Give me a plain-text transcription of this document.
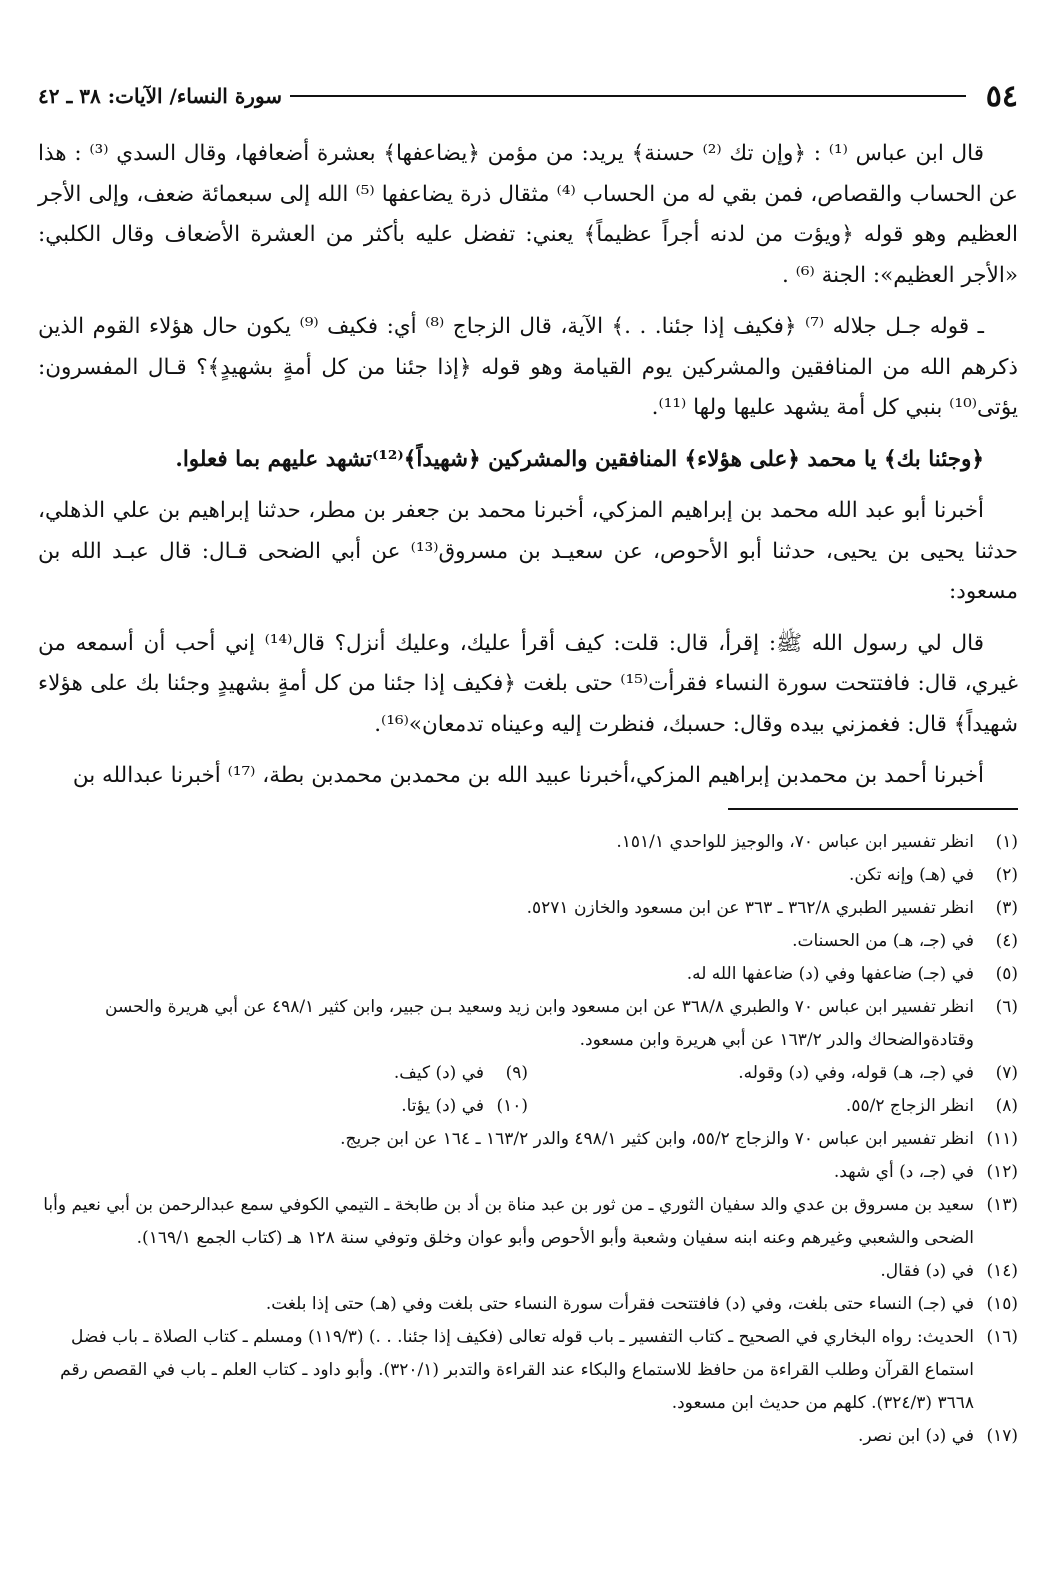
٥٤
سورة النساء/ الآيات: ٣٨ ـ ٤٢

قال ابن عباس ⁽¹⁾ : ﴿وإن تك ⁽²⁾ حسنة﴾ يريد: من مؤمن ﴿يضاعفها﴾ بعشرة أضعافها، وقال السدي ⁽³⁾ : هذا عن الحساب والقصاص، فمن بقي له من الحساب ⁽⁴⁾ مثقال ذرة يضاعفها ⁽⁵⁾ الله إلى سبعمائة ضعف، وإلى الأجر العظيم وهو قوله ﴿ويؤت من لدنه أجراً عظيماً﴾ يعني: تفضل عليه بأكثر من العشرة الأضعاف وقال الكلبي: «الأجر العظيم»: الجنة ⁽⁶⁾ .

ـ قوله جـل جلاله ⁽⁷⁾ ﴿فكيف إذا جئنا. . .﴾ الآية، قال الزجاج ⁽⁸⁾ أي: فكيف ⁽⁹⁾ يكون حال هؤلاء القوم الذين ذكرهم الله من المنافقين والمشركين يوم القيامة وهو قوله ﴿إذا جئنا من كل أمةٍ بشهيدٍ﴾؟ قـال المفسرون: يؤتى⁽¹⁰⁾ بنبي كل أمة يشهد عليها ولها ⁽¹¹⁾.

﴿وجئنا بك﴾ يا محمد ﴿على هؤلاء﴾ المنافقين والمشركين ﴿شهيداً﴾⁽¹²⁾تشهد عليهم بما فعلوا.

أخبرنا أبو عبد الله محمد بن إبراهيم المزكي، أخبرنا محمد بن جعفر بن مطر، حدثنا إبراهيم بن علي الذهلي، حدثنا يحيى بن يحيى، حدثنا أبو الأحوص، عن سعيـد بن مسروق⁽¹³⁾ عن أبي الضحى قـال: قال عبـد الله بن مسعود:

قال لي رسول الله ﷺ: إقرأ، قال: قلت: كيف أقرأ عليك، وعليك أنزل؟ قال⁽¹⁴⁾ إني أحب أن أسمعه من غيري، قال: فافتتحت سورة النساء فقرأت⁽¹⁵⁾ حتى بلغت ﴿فكيف إذا جئنا من كل أمةٍ بشهيدٍ وجئنا بك على هؤلاء شهيداً﴾ قال: فغمزني بيده وقال: حسبك، فنظرت إليه وعيناه تدمعان»⁽¹⁶⁾.

أخبرنا أحمد بن محمدبن إبراهيم المزكي،أخبرنا عبيد الله بن محمدبن محمدبن بطة، ⁽¹⁷⁾ أخبرنا عبدالله بن

(١)
انظر تفسير ابن عباس ٧٠، والوجيز للواحدي ١٥١/١.
(٢)
في (هـ) وإنه تكن.
(٣)
انظر تفسير الطبري ٣٦٢/٨ ـ ٣٦٣ عن ابن مسعود والخازن ٥٢٧١.
(٤)
في (جـ، هـ) من الحسنات.
(٥)
في (جـ) ضاعفها وفي (د) ضاعفها الله له.
(٦)
انظر تفسير ابن عباس ٧٠ والطبري ٣٦٨/٨ عن ابن مسعود وابن زيد وسعيد بـن جبير، وابن كثير ٤٩٨/١ عن أبي هريرة والحسن وقتادةوالضحاك والدر ١٦٣/٢ عن أبي هريرة وابن مسعود.
(٧)
في (جـ، هـ) قوله، وفي (د) وقوله.
(٩)
في (د) كيف.
(٨)
انظر الزجاج ٥٥/٢.
(١٠)
في (د) يؤتا.
(١١)
انظر تفسير ابن عباس ٧٠ والزجاج ٥٥/٢، وابن كثير ٤٩٨/١ والدر ١٦٣/٢ ـ ١٦٤ عن ابن جريج.
(١٢)
في (جـ، د) أي شهد.
(١٣)
سعيد بن مسروق بن عدي والد سفيان الثوري ـ من ثور بن عبد مناة بن أد بن طابخة ـ التيمي الكوفي سمع عبدالرحمن بن أبي نعيم وأبا الضحى والشعبي وغيرهم وعنه ابنه سفيان وشعبة وأبو الأحوص وأبو عوان وخلق وتوفي سنة ١٢٨ هـ (كتاب الجمع ١٦٩/١).
(١٤)
في (د) فقال.
(١٥)
في (جـ) النساء حتى بلغت، وفي (د) فافتتحت فقرأت سورة النساء حتى بلغت وفي (هـ) حتى إذا بلغت.
(١٦)
الحديث: رواه البخاري في الصحيح ـ كتاب التفسير ـ باب قوله تعالى (فكيف إذا جئنا. . .) (١١٩/٣) ومسلم ـ كتاب الصلاة ـ باب فضل استماع القرآن وطلب القراءة من حافظ للاستماع والبكاء عند القراءة والتدبر (٣٢٠/١). وأبو داود ـ كتاب العلم ـ باب في القصص رقم ٣٦٦٨ (٣٢٤/٣). كلهم من حديث ابن مسعود.
(١٧)
في (د) ابن نصر.
